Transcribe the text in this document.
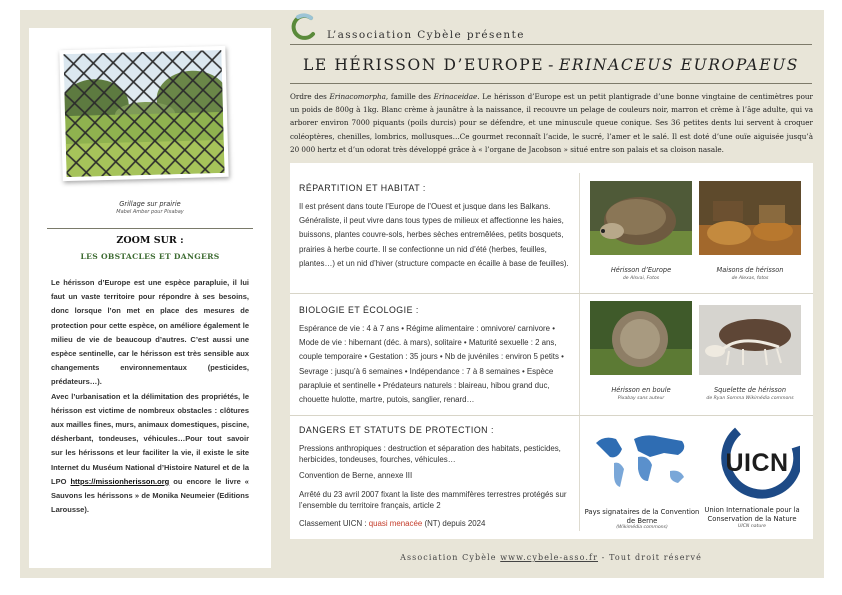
Grillage sur prairie
Mabel Amber pour Pixabay
ZOOM SUR :
LES OBSTACLES ET DANGERS
Le hérisson d’Europe est une espèce parapluie, il lui faut un vaste territoire pour répondre à ses besoins, donc lorsque l’on met en place des mesures de protection pour cette espèce, on améliore également le milieu de vie de beaucoup d’autres. C’est aussi une espèce sentinelle, car le hérisson est très sensible aux changements environnementaux (pesticides, prédateurs…).
Avec l’urbanisation et la délimitation des propriétés, le hérisson est victime de nombreux obstacles : clôtures aux mailles fines, murs, animaux domestiques, piscine, désherbant, tondeuses, véhicules…Pour tout savoir sur les hérissons et leur faciliter la vie, il existe le site Internet du Muséum National d’Histoire Naturel et de la LPO https://missionherisson.org ou encore le livre « Sauvons les hérissons » de Monika Neumeier (Editions Larousse).
L’association Cybèle présente
LE HÉRISSON D’EUROPE - ERINACEUS EUROPAEUS
Ordre des Erinacomorpha, famille des Erinaceidae. Le hérisson d’Europe est un petit plantigrade d’une bonne vingtaine de centimètres pour un poids de 800g à 1kg. Blanc crème à jaunâtre à la naissance, il recouvre un pelage de couleurs noir, marron et crème à l’âge adulte, qui va arborer environ 7000 piquants (poils durcis) pour se défendre, et une minuscule queue conique. Ses 36 petites dents lui servent à croquer coléoptères, chenilles, lombrics, mollusques…Ce gourmet reconnaît l’acide, le sucré, l’amer et le salé. Il est doté d’une ouïe aiguisée jusqu’à 20 000 hertz et d’un odorat très développé grâce à « l’organe de Jacobson » situé entre son palais et sa cloison nasale.
RÉPARTITION ET HABITAT :
Il est présent dans toute l’Europe de l’Ouest et jusque dans les Balkans. Généraliste, il peut vivre dans tous types de milieux et affectionne les haies, buissons, plantes couvre-sols, herbes sèches entremêlées, petits bosquets, prairies à herbe courte. Il se confectionne un nid d’été (herbes, feuilles, plantes…) et un nid d’hiver (structure compacte en écaille à base de feuilles).
Hérisson d’Europe
de Alsvai, Fotos
Maisons de hérisson
de Alexas, fotos
BIOLOGIE ET ÉCOLOGIE :
Espérance de vie : 4 à 7 ans • Régime alimentaire : omnivore/ carnivore • Mode de vie : hibernant (déc. à mars), solitaire • Maturité sexuelle : 2 ans, couple temporaire • Gestation : 35 jours • Nb de juvéniles : environ 5 petits • Sevrage : jusqu’à 6 semaines • Indépendance : 7 à 8 semaines • Espèce parapluie et sentinelle • Prédateurs naturels : blaireau, hibou grand duc, chouette hulotte, martre, putois, sanglier, renard…
Hérisson en boule
Pixabay sans auteur
Squelette de hérisson
de Ryan Somma Wikimédia commons
DANGERS ET STATUTS DE PROTECTION :
Pressions anthropiques : destruction et séparation des habitats, pesticides, herbicides, tondeuses, fourches, véhicules…
Convention de Berne, annexe III
Arrêté du 23 avril 2007 fixant la liste des mammifères terrestres protégés sur l’ensemble du territoire français, article 2
Classement UICN : quasi menacée (NT) depuis 2024
Pays signataires de la Convention de Berne
(Wikimédia commons)
UICN
Union Internationale pour la Conservation de la Nature
UICN nature
Association Cybèle www.cybele-asso.fr - Tout droit réservé
